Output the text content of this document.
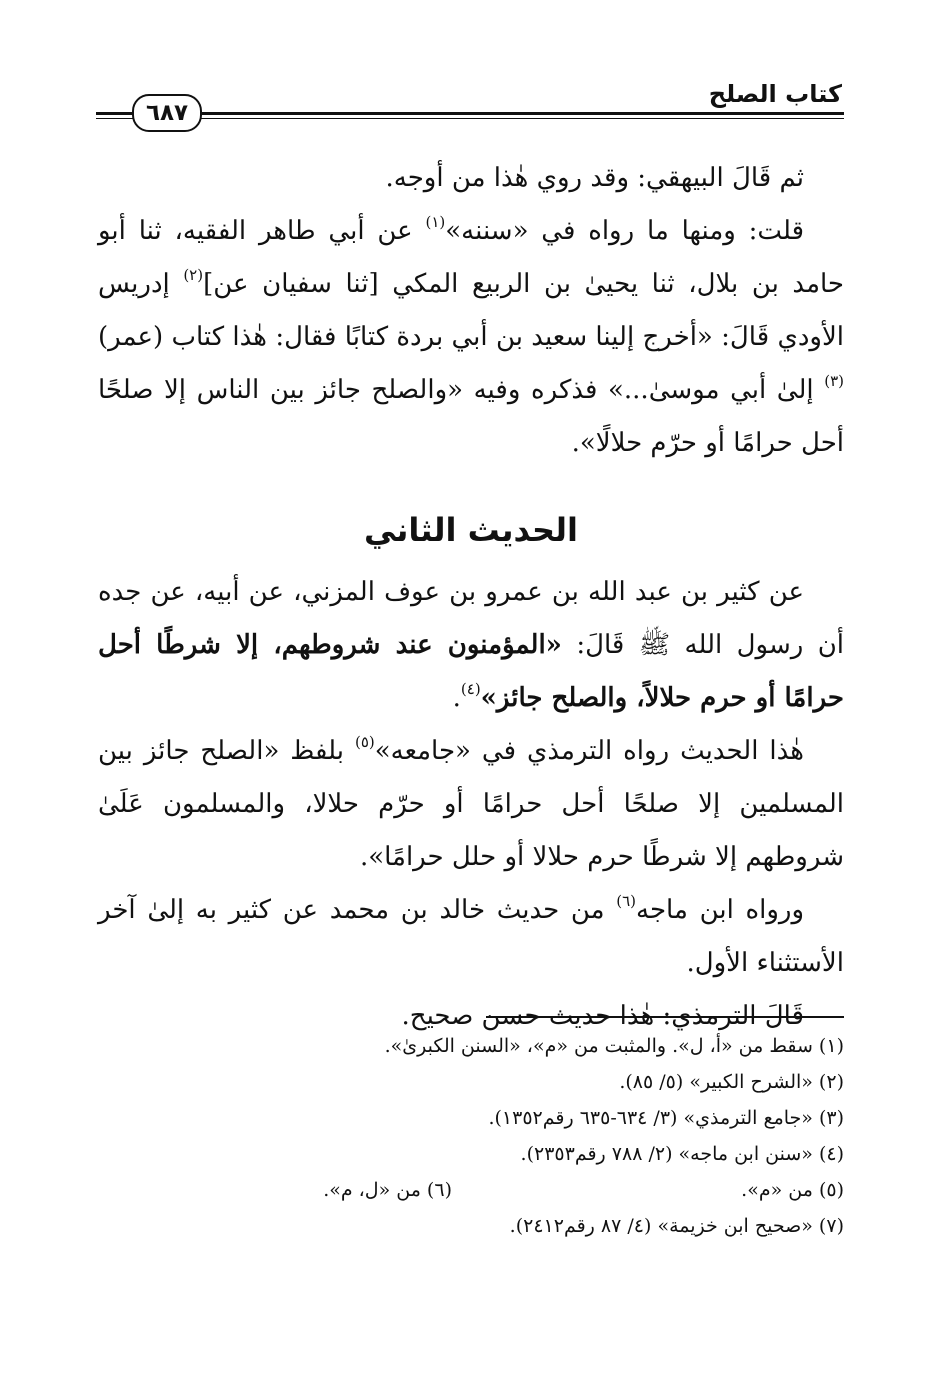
كتاب الصلح
٦٨٧

ثم قَالَ البيهقي: وقد روي هٰذا من أوجه.

قلت: ومنها ما رواه في «سننه»$^{(١)}$ عن أبي طاهر الفقيه، ثنا أبو حامد بن بلال، ثنا يحيىٰ بن الربيع المكي [ثنا سفيان عن]$^{(٢)}$ إدريس الأودي قَالَ: «أخرج إلينا سعيد بن أبي بردة كتابًا فقال: هٰذا كتاب (عمر)$^{(٣)}$ إلىٰ أبي موسىٰ...» فذكره وفيه «والصلح جائز بين الناس إلا صلحًا أحل حرامًا أو حرّم حلالًا».

الحديث الثاني

عن كثير بن عبد الله بن عمرو بن عوف المزني، عن أبيه، عن جده أن رسول الله ﷺ قَالَ: «المؤمنون عند شروطهم، إلا شرطًا أحل حرامًا أو حرم حلالاً، والصلح جائز»$^{(٤)}$.

هٰذا الحديث رواه الترمذي في «جامعه»$^{(٥)}$ بلفظ «الصلح جائز بين المسلمين إلا صلحًا أحل حرامًا أو حرّم حلالا، والمسلمون عَلَىٰ شروطهم إلا شرطًا حرم حلالا أو حلل حرامًا».

ورواه ابن ماجه$^{(٦)}$ من حديث خالد بن محمد عن كثير به إلىٰ آخر الأستثناء الأول.

قَالَ الترمذي: هٰذا حديث حسن صحيح.

(١) سقط من «أ، ل». والمثبت من «م»، «السنن الكبرىٰ».

(٢) «الشرح الكبير» (٥/ ٨٥).

(٣) «جامع الترمذي» (٣/ ٦٣٤-٦٣٥ رقم١٣٥٢).

(٤) «سنن ابن ماجه» (٢/ ٧٨٨ رقم٢٣٥٣).

(٥) من «م».

(٦) من «ل، م».

(٧) «صحيح ابن خزيمة» (٤/ ٨٧ رقم٢٤١٢).
